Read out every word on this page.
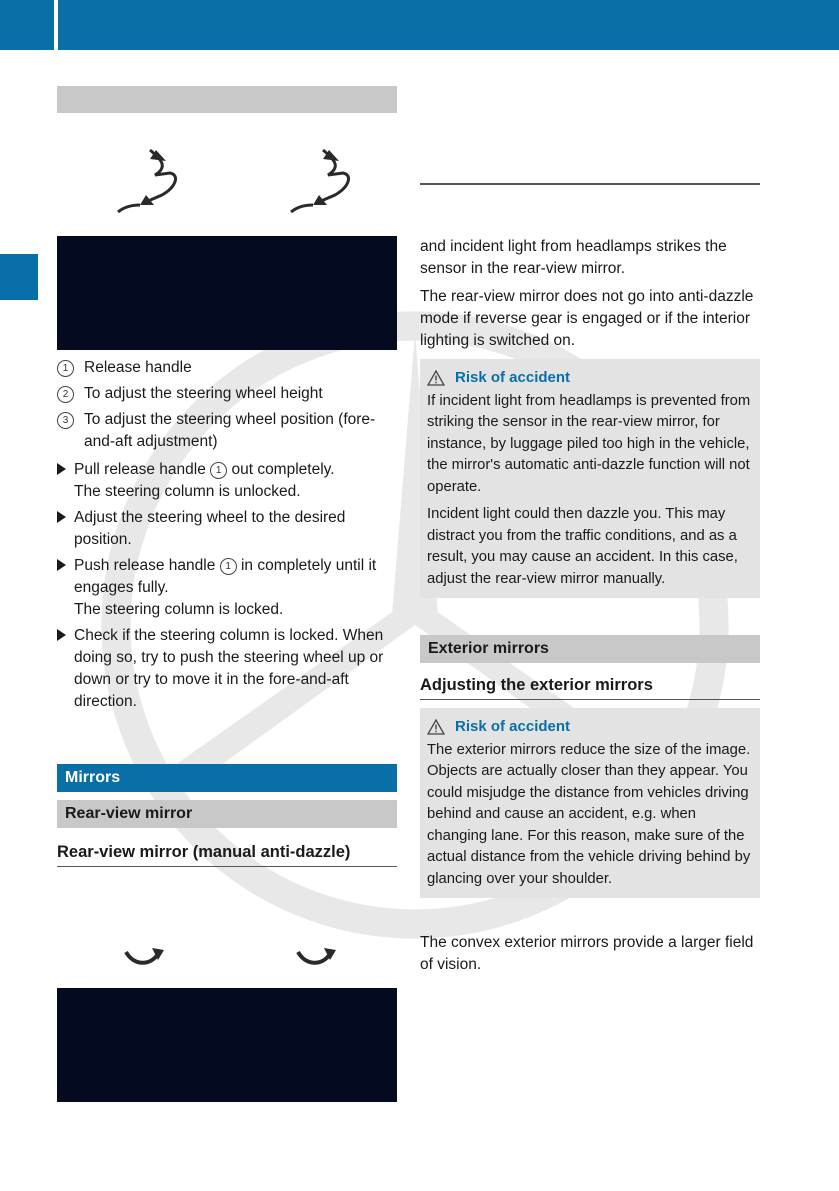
1	Release handle
2	To adjust the steering wheel height
3	To adjust the steering wheel position (fore-and-aft adjustment)
Pull release handle 1 out completely.
The steering column is unlocked.
Adjust the steering wheel to the desired position.
Push release handle 1 in completely until it engages fully.
The steering column is locked.
Check if the steering column is locked. When doing so, try to push the steering wheel up or down or try to move it in the fore-and-aft direction.
Mirrors
Rear-view mirror
Rear-view mirror (manual anti-dazzle)

and incident light from headlamps strikes the sensor in the rear-view mirror.

The rear-view mirror does not go into anti-dazzle mode if reverse gear is engaged or if the interior lighting is switched on.

Risk of accident

If incident light from headlamps is prevented from striking the sensor in the rear-view mirror, for instance, by luggage piled too high in the vehicle, the mirror's automatic anti-dazzle function will not operate.

Incident light could then dazzle you. This may distract you from the traffic conditions, and as a result, you may cause an accident. In this case, adjust the rear-view mirror manually.

Exterior mirrors
Adjusting the exterior mirrors
Risk of accident

The exterior mirrors reduce the size of the image. Objects are actually closer than they appear. You could misjudge the distance from vehicles driving behind and cause an accident, e.g. when changing lane. For this reason, make sure of the actual distance from the vehicle driving behind by glancing over your shoulder.

The convex exterior mirrors provide a larger field of vision.
